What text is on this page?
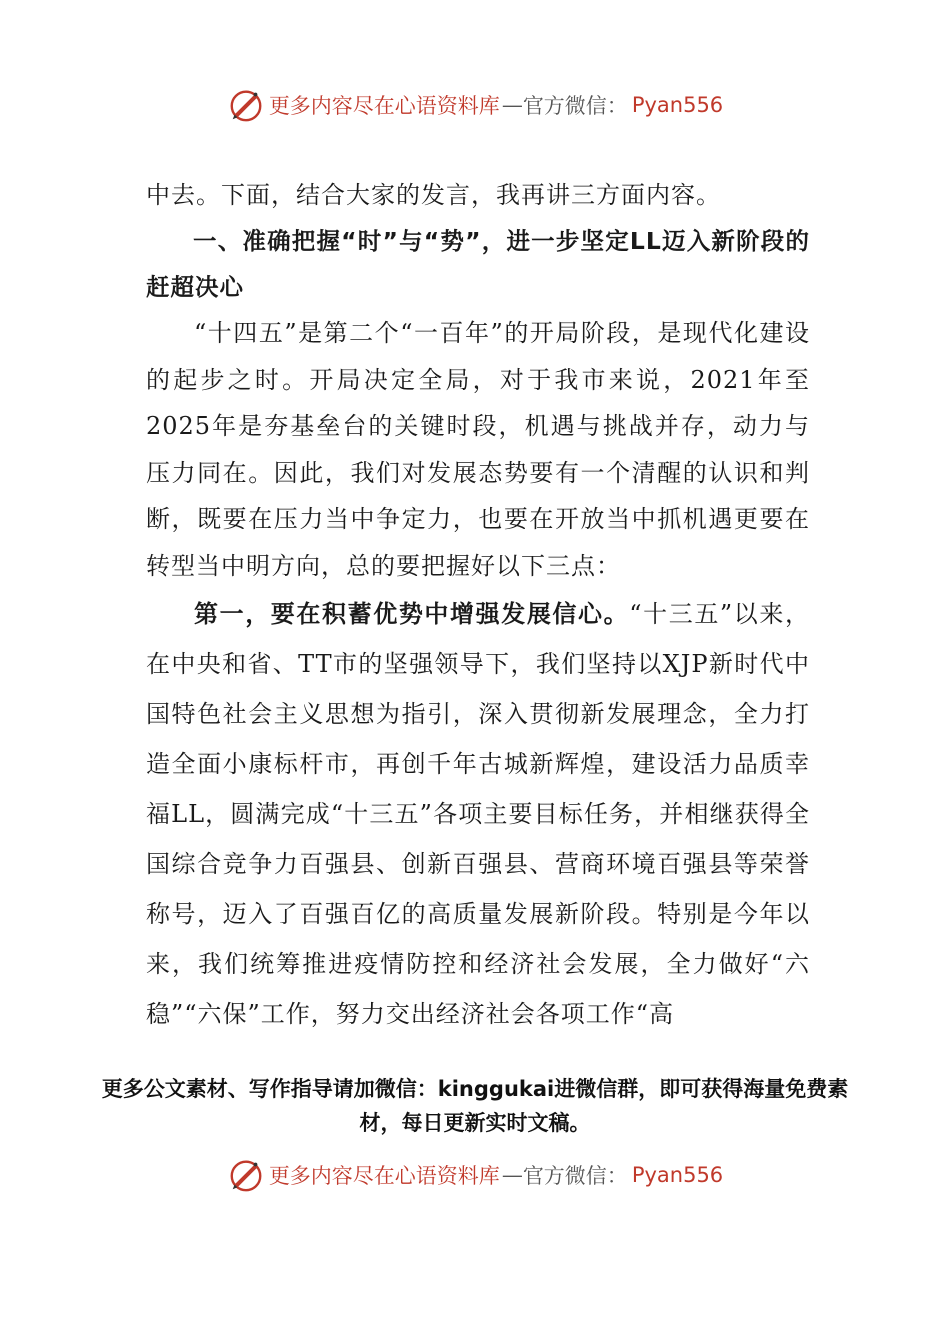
更多内容尽在心语资料库 — 官方微信： Pyan556

中去。下面，结合大家的发言，我再讲三方面内容。

一、准确把握“时”与“势”，进一步坚定LL迈入新阶段的赶超决心

“十四五”是第二个“一百年”的开局阶段，是现代化建设的起步之时。开局决定全局，对于我市来说，2021年至2025年是夯基垒台的关键时段，机遇与挑战并存，动力与压力同在。因此，我们对发展态势要有一个清醒的认识和判断，既要在压力当中争定力，也要在开放当中抓机遇更要在转型当中明方向，总的要把握好以下三点：

第一，要在积蓄优势中增强发展信心。“十三五”以来，在中央和省、TT市的坚强领导下，我们坚持以XJP新时代中国特色社会主义思想为指引，深入贯彻新发展理念，全力打造全面小康标杆市，再创千年古城新辉煌，建设活力品质幸福LL，圆满完成“十三五”各项主要目标任务，并相继获得全国综合竞争力百强县、创新百强县、营商环境百强县等荣誉称号，迈入了百强百亿的高质量发展新阶段。特别是今年以来，我们统筹推进疫情防控和经济社会发展，全力做好“六稳”“六保”工作，努力交出经济社会各项工作“高

更多公文素材、写作指导请加微信：kinggukai进微信群，即可获得海量免费素材，每日更新实时文稿。
更多内容尽在心语资料库 — 官方微信： Pyan556
